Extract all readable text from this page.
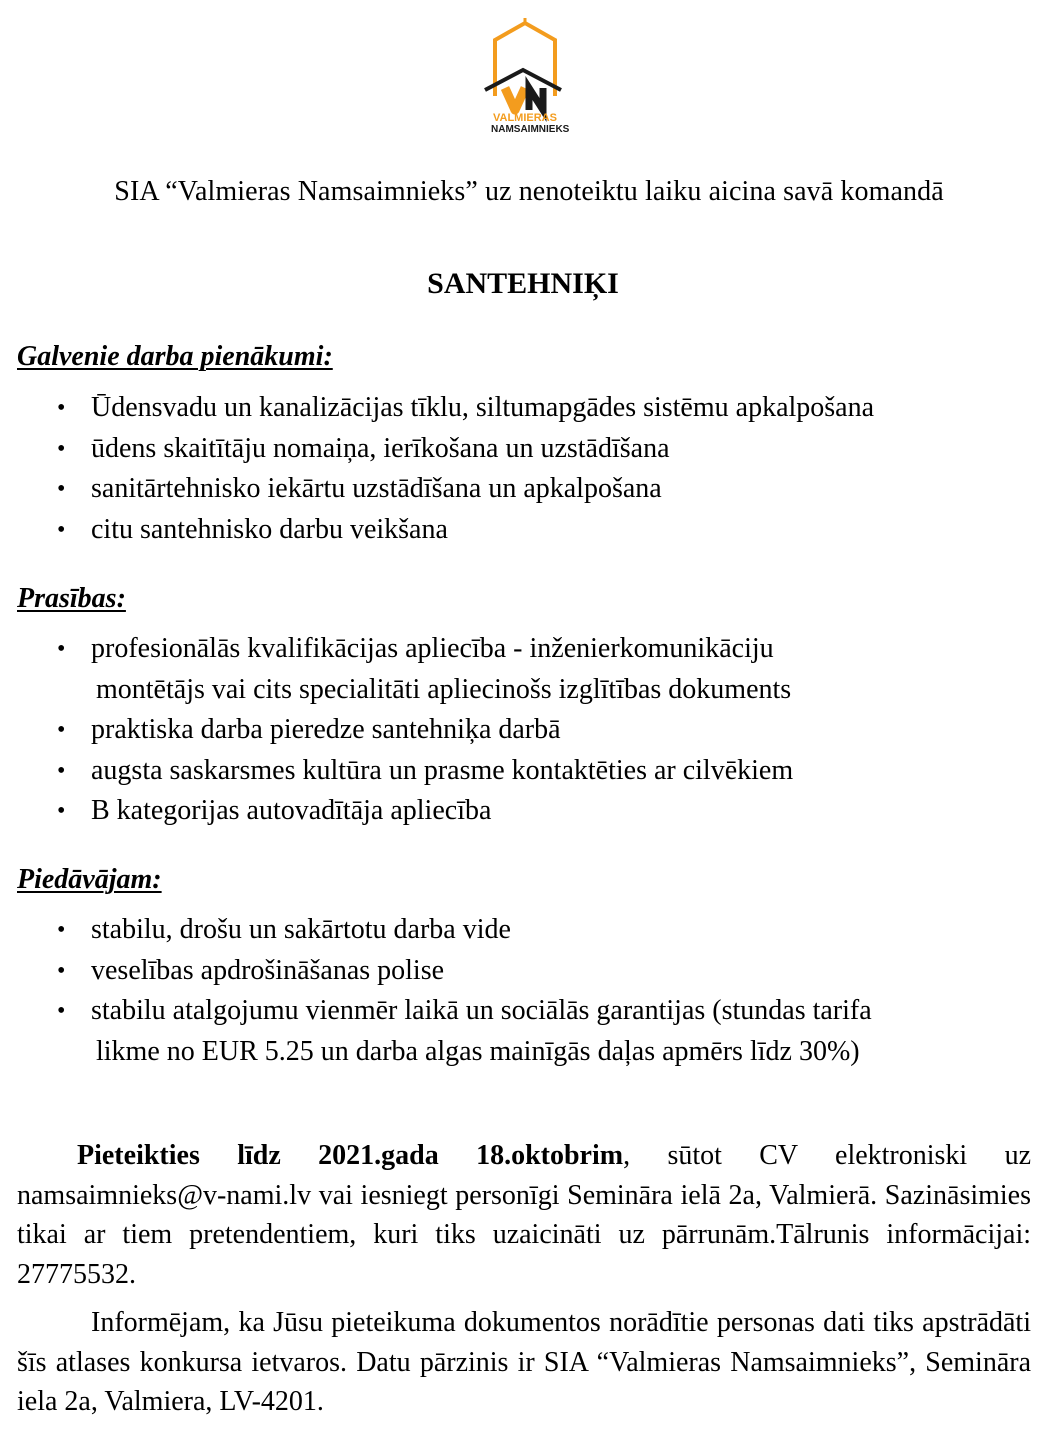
VALMIERAS
NAMSAIMNIEKS
SIA “Valmieras Namsaimnieks” uz nenoteiktu laiku aicina savā komandā
SANTEHNIĶI
Galvenie darba pienākumi:
• Ūdensvadu un kanalizācijas tīklu, siltumapgādes sistēmu apkalpošana
• ūdens skaitītāju nomaiņa, ierīkošana un uzstādīšana
• sanitārtehnisko iekārtu uzstādīšana un apkalpošana
• citu santehnisko darbu veikšana
Prasības:
• profesionālās kvalifikācijas apliecība - inženierkomunikāciju
montētājs vai cits specialitāti apliecinošs izglītības dokuments
• praktiska darba pieredze santehniķa darbā
• augsta saskarsmes kultūra un prasme kontaktēties ar cilvēkiem
• B kategorijas autovadītāja apliecība
Piedāvājam:
• stabilu, drošu un sakārtotu darba vide
• veselības apdrošināšanas polise
• stabilu atalgojumu vienmēr laikā un sociālās garantijas (stundas tarifa
likme no EUR 5.25 un darba algas mainīgās daļas apmērs līdz 30%)
Pieteikties līdz 2021.gada 18.oktobrim, sūtot CV elektroniski uz namsaimnieks@v-nami.lv vai iesniegt personīgi Semināra ielā 2a, Valmierā. Sazināsimies tikai ar tiem pretendentiem, kuri tiks uzaicināti uz pārrunām.Tālrunis informācijai: 27775532.
Informējam, ka Jūsu pieteikuma dokumentos norādītie personas dati tiks apstrādāti šīs atlases konkursa ietvaros. Datu pārzinis ir SIA “Valmieras Namsaimnieks”, Semināra iela 2a, Valmiera, LV-4201.
